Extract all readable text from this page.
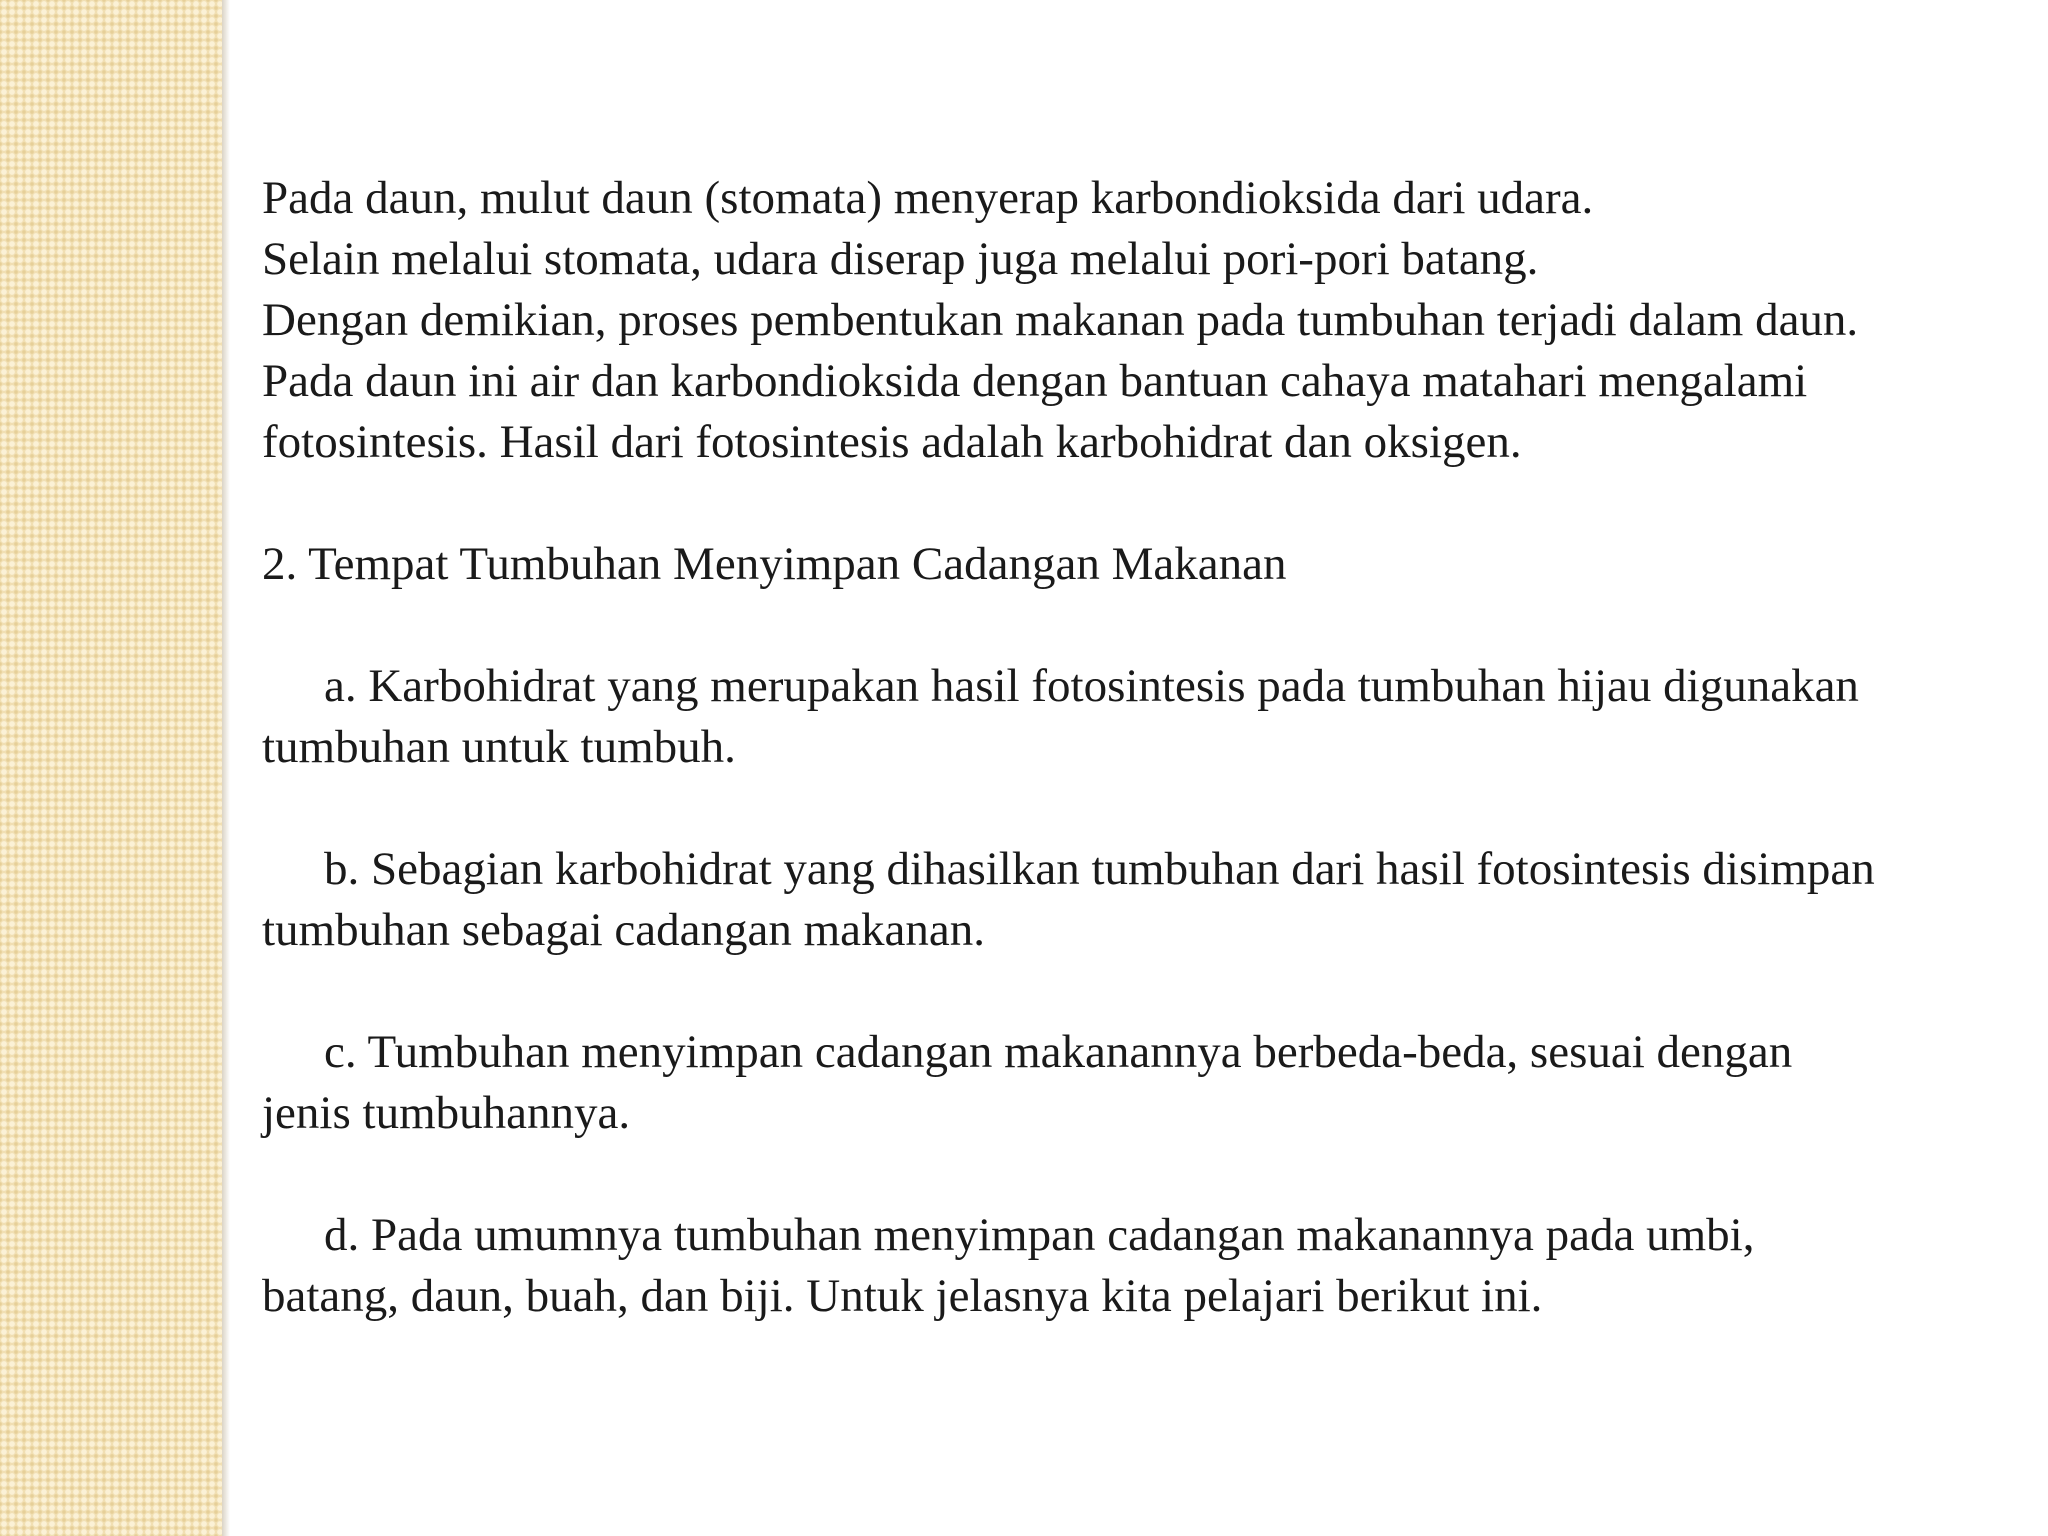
Pada daun, mulut daun (stomata) menyerap karbondioksida dari udara.
Selain melalui stomata, udara diserap juga melalui pori-pori batang.
Dengan demikian, proses pembentukan makanan pada tumbuhan terjadi dalam daun.
Pada daun ini air dan karbondioksida dengan bantuan cahaya matahari mengalami
fotosintesis. Hasil dari fotosintesis adalah karbohidrat dan oksigen.
2. Tempat Tumbuhan Menyimpan Cadangan Makanan
a. Karbohidrat yang merupakan hasil fotosintesis pada tumbuhan hijau digunakan
tumbuhan untuk tumbuh.
b. Sebagian karbohidrat yang dihasilkan tumbuhan dari hasil fotosintesis disimpan
tumbuhan sebagai cadangan makanan.
c. Tumbuhan menyimpan cadangan makanannya berbeda-beda, sesuai dengan
jenis tumbuhannya.
d. Pada umumnya tumbuhan menyimpan cadangan makanannya pada umbi,
batang, daun, buah, dan biji. Untuk jelasnya kita pelajari berikut ini.
